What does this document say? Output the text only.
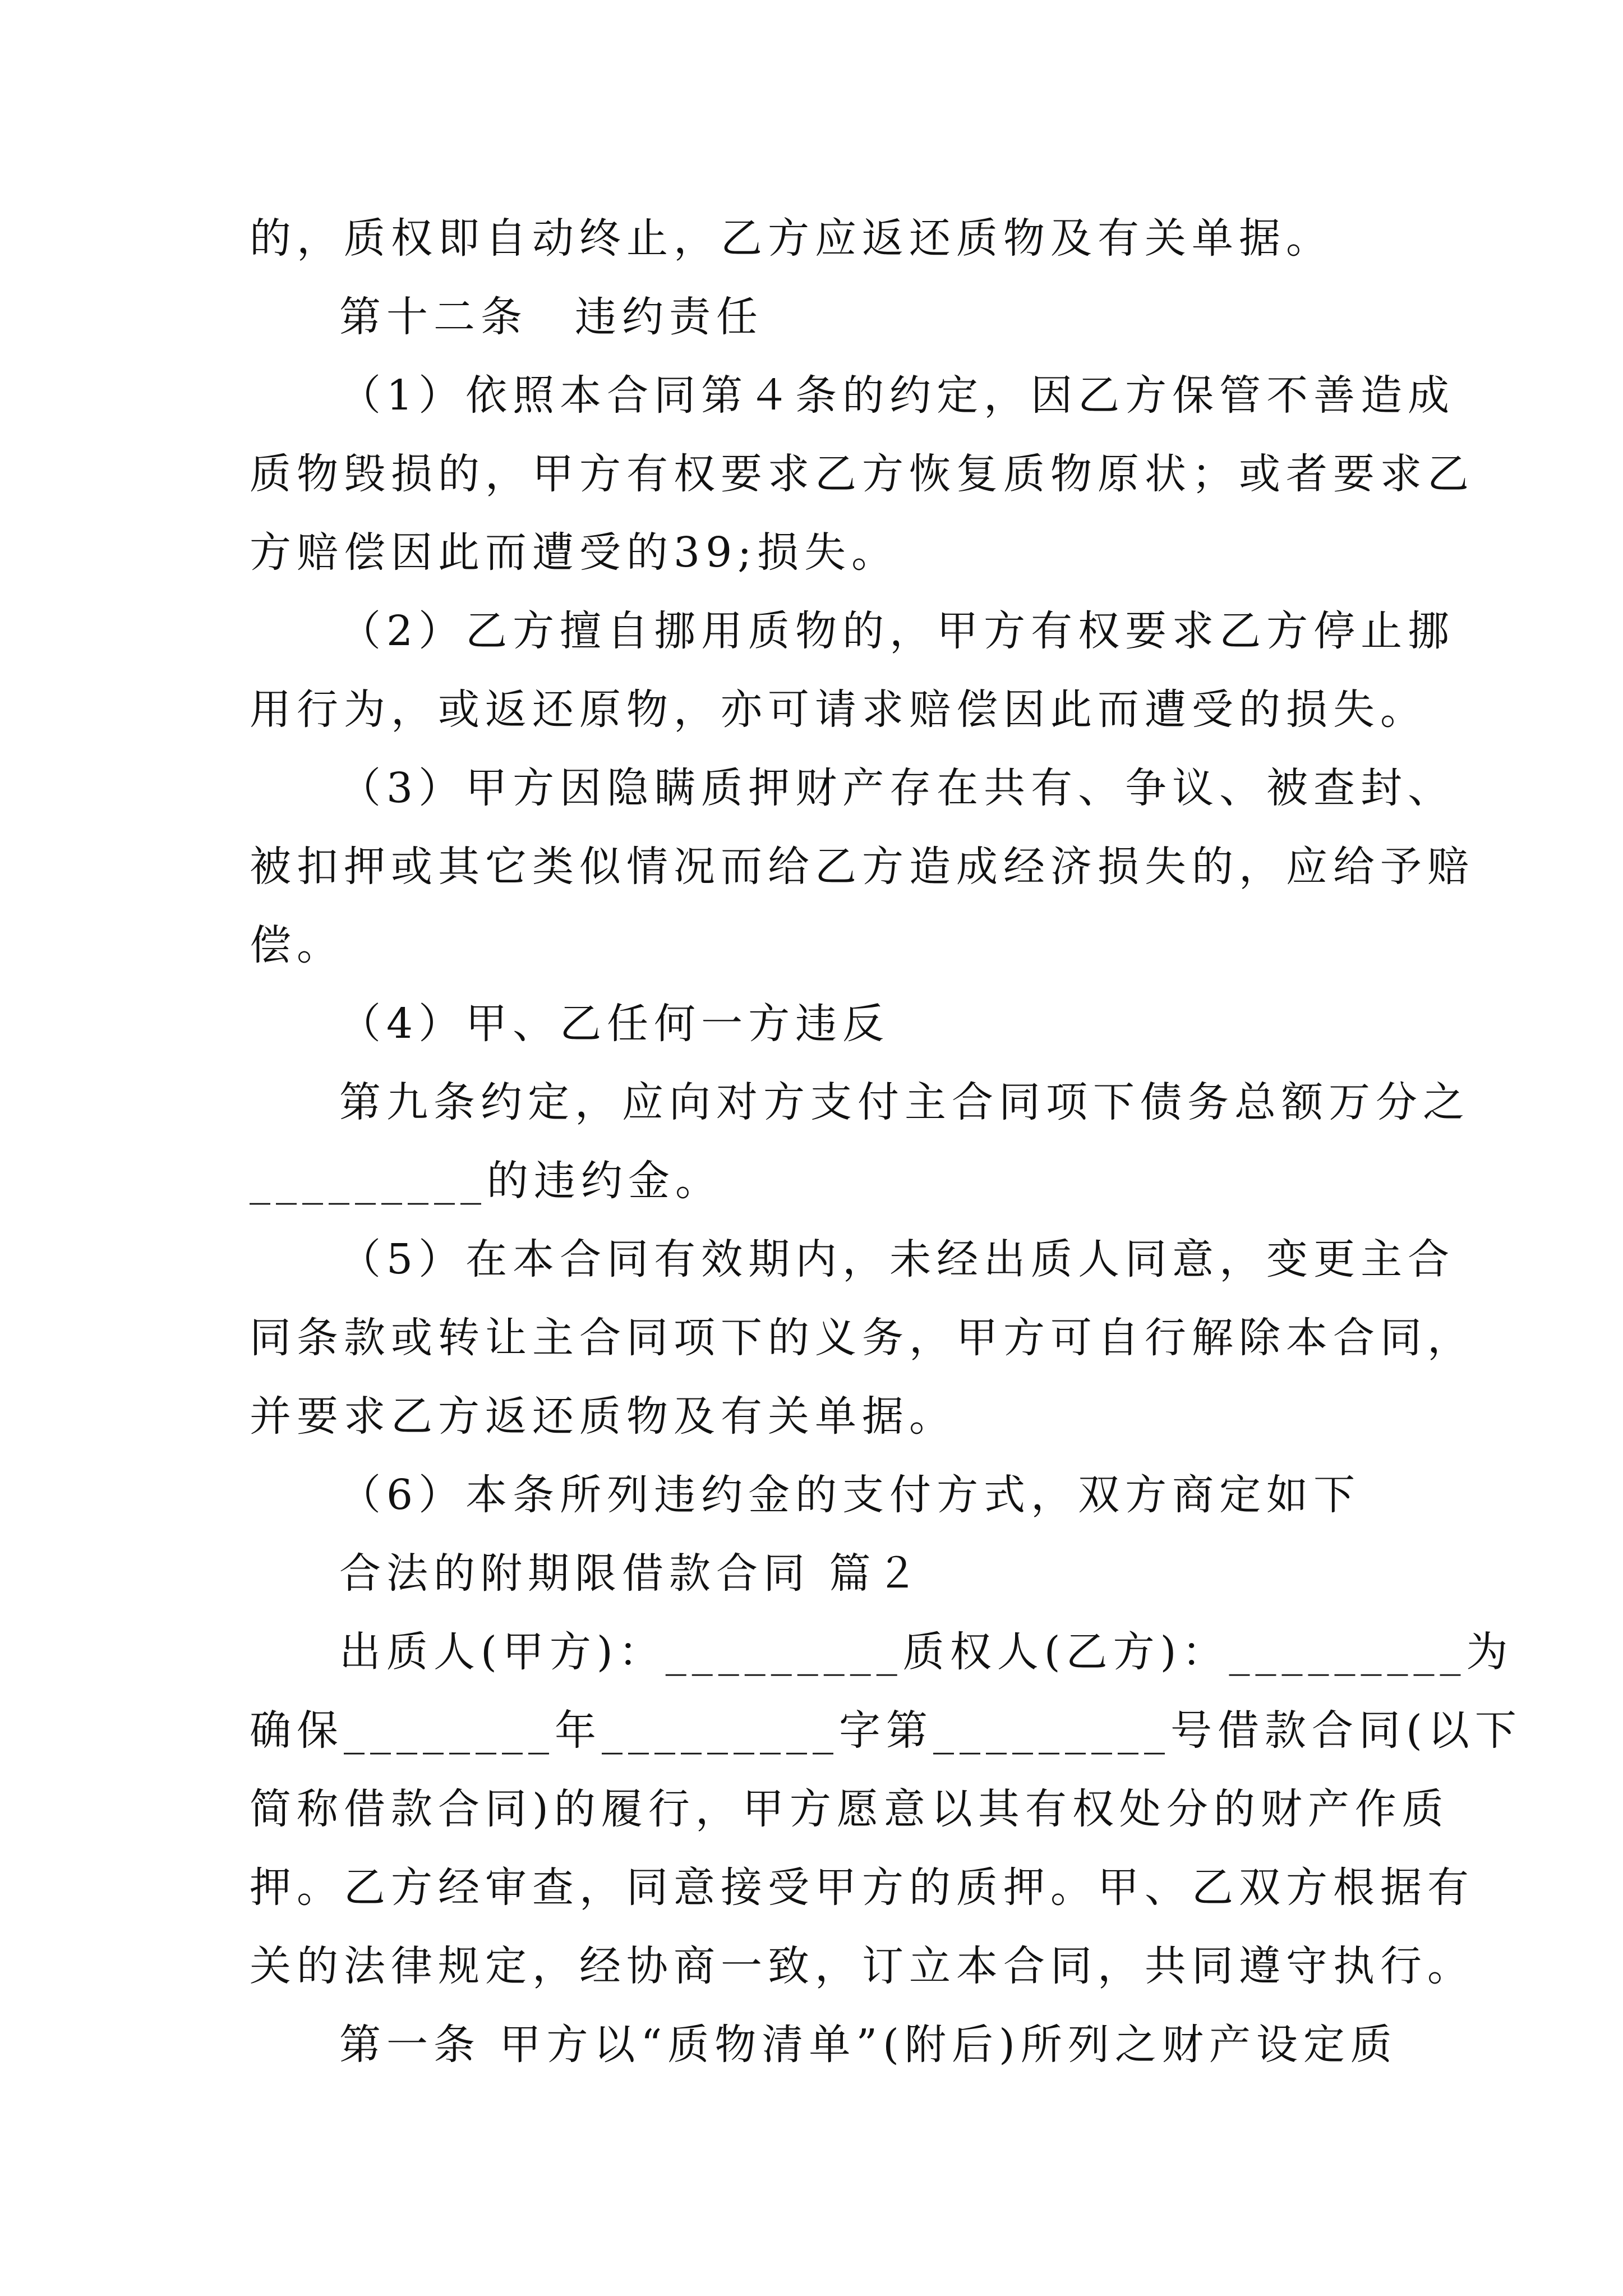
的，质权即自动终止，乙方应返还质物及有关单据。
第十二条　违约责任
（1）依照本合同第４条的约定，因乙方保管不善造成
质物毁损的，甲方有权要求乙方恢复质物原状；或者要求乙
方赔偿因此而遭受的39;损失。
（2）乙方擅自挪用质物的，甲方有权要求乙方停止挪
用行为，或返还原物，亦可请求赔偿因此而遭受的损失。
（3）甲方因隐瞒质押财产存在共有、争议、被查封、
被扣押或其它类似情况而给乙方造成经济损失的，应给予赔
偿。
（4）甲、乙任何一方违反
第九条约定，应向对方支付主合同项下债务总额万分之
_________的违约金。
（5）在本合同有效期内，未经出质人同意，变更主合
同条款或转让主合同项下的义务，甲方可自行解除本合同，
并要求乙方返还质物及有关单据。
（6）本条所列违约金的支付方式，双方商定如下
合法的附期限借款合同 篇２
出质人(甲方)：_________质权人(乙方)：_________为
确保________年_________字第_________号借款合同(以下
简称借款合同)的履行，甲方愿意以其有权处分的财产作质
押。乙方经审查，同意接受甲方的质押。甲、乙双方根据有
关的法律规定，经协商一致，订立本合同，共同遵守执行。
第一条 甲方以“质物清单”(附后)所列之财产设定质
